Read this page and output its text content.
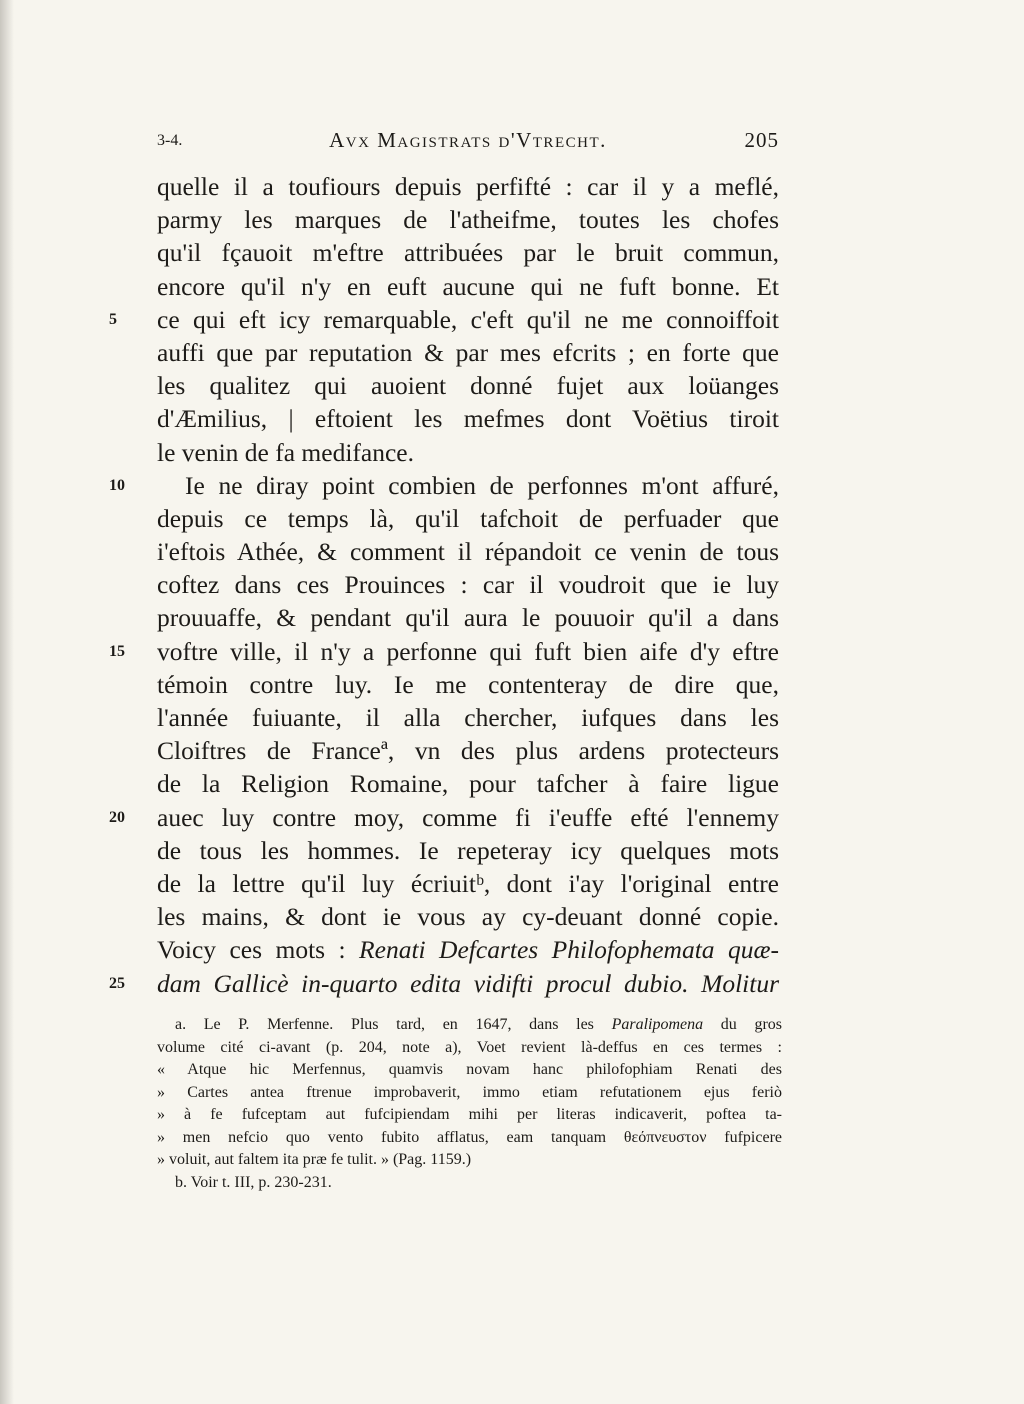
3-4.	Avx Magistrats d'Vtrecht.	205
quelle il a toufiours depuis perfifté : car il y a meflé,
parmy les marques de l'atheifme, toutes les chofes
qu'il fçauoit m'eftre attribuées par le bruit commun,
encore qu'il n'y en euft aucune qui ne fuft bonne. Et
5	ce qui eft icy remarquable, c'eft qu'il ne me connoiffoit
auffi que par reputation & par mes efcrits ; en forte que
les qualitez qui auoient donné fujet aux loüanges
d'Æmilius, | eftoient les mefmes dont Voëtius tiroit
le venin de fa medifance.
10	Ie ne diray point combien de perfonnes m'ont affuré,
depuis ce temps là, qu'il tafchoit de perfuader que
i'eftois Athée, & comment il répandoit ce venin de tous
coftez dans ces Prouinces : car il voudroit que ie luy
prouuaffe, & pendant qu'il aura le pouuoir qu'il a dans
15	voftre ville, il n'y a perfonne qui fuft bien aife d'y eftre
témoin contre luy. Ie me contenteray de dire que,
l'année fuiuante, il alla chercher, iufques dans les
Cloiftres de Franceª, vn des plus ardens protecteurs
de la Religion Romaine, pour tafcher à faire ligue
20	auec luy contre moy, comme fi i'euffe efté l'ennemy
de tous les hommes. Ie repeteray icy quelques mots
de la lettre qu'il luy écriuitᵇ, dont i'ay l'original entre
les mains, & dont ie vous ay cy-deuant donné copie.
Voicy ces mots : Renati Defcartes Philofophemata quæ-
25	dam Gallicè in-quarto edita vidifti procul dubio. Molitur
a. Le P. Merfenne. Plus tard, en 1647, dans les Paralipomena du gros
volume cité ci-avant (p. 204, note a), Voet revient là-deffus en ces termes :
« Atque hic Merfennus, quamvis novam hanc philofophiam Renati des
» Cartes antea ftrenue improbaverit, immo etiam refutationem ejus feriò
» à fe fufceptam aut fufcipiendam mihi per literas indicaverit, poftea ta-
» men nefcio quo vento fubito afflatus, eam tanquam θεόπνευστον fufpicere
» voluit, aut faltem ita præ fe tulit. » (Pag. 1159.)
b. Voir t. III, p. 230-231.
